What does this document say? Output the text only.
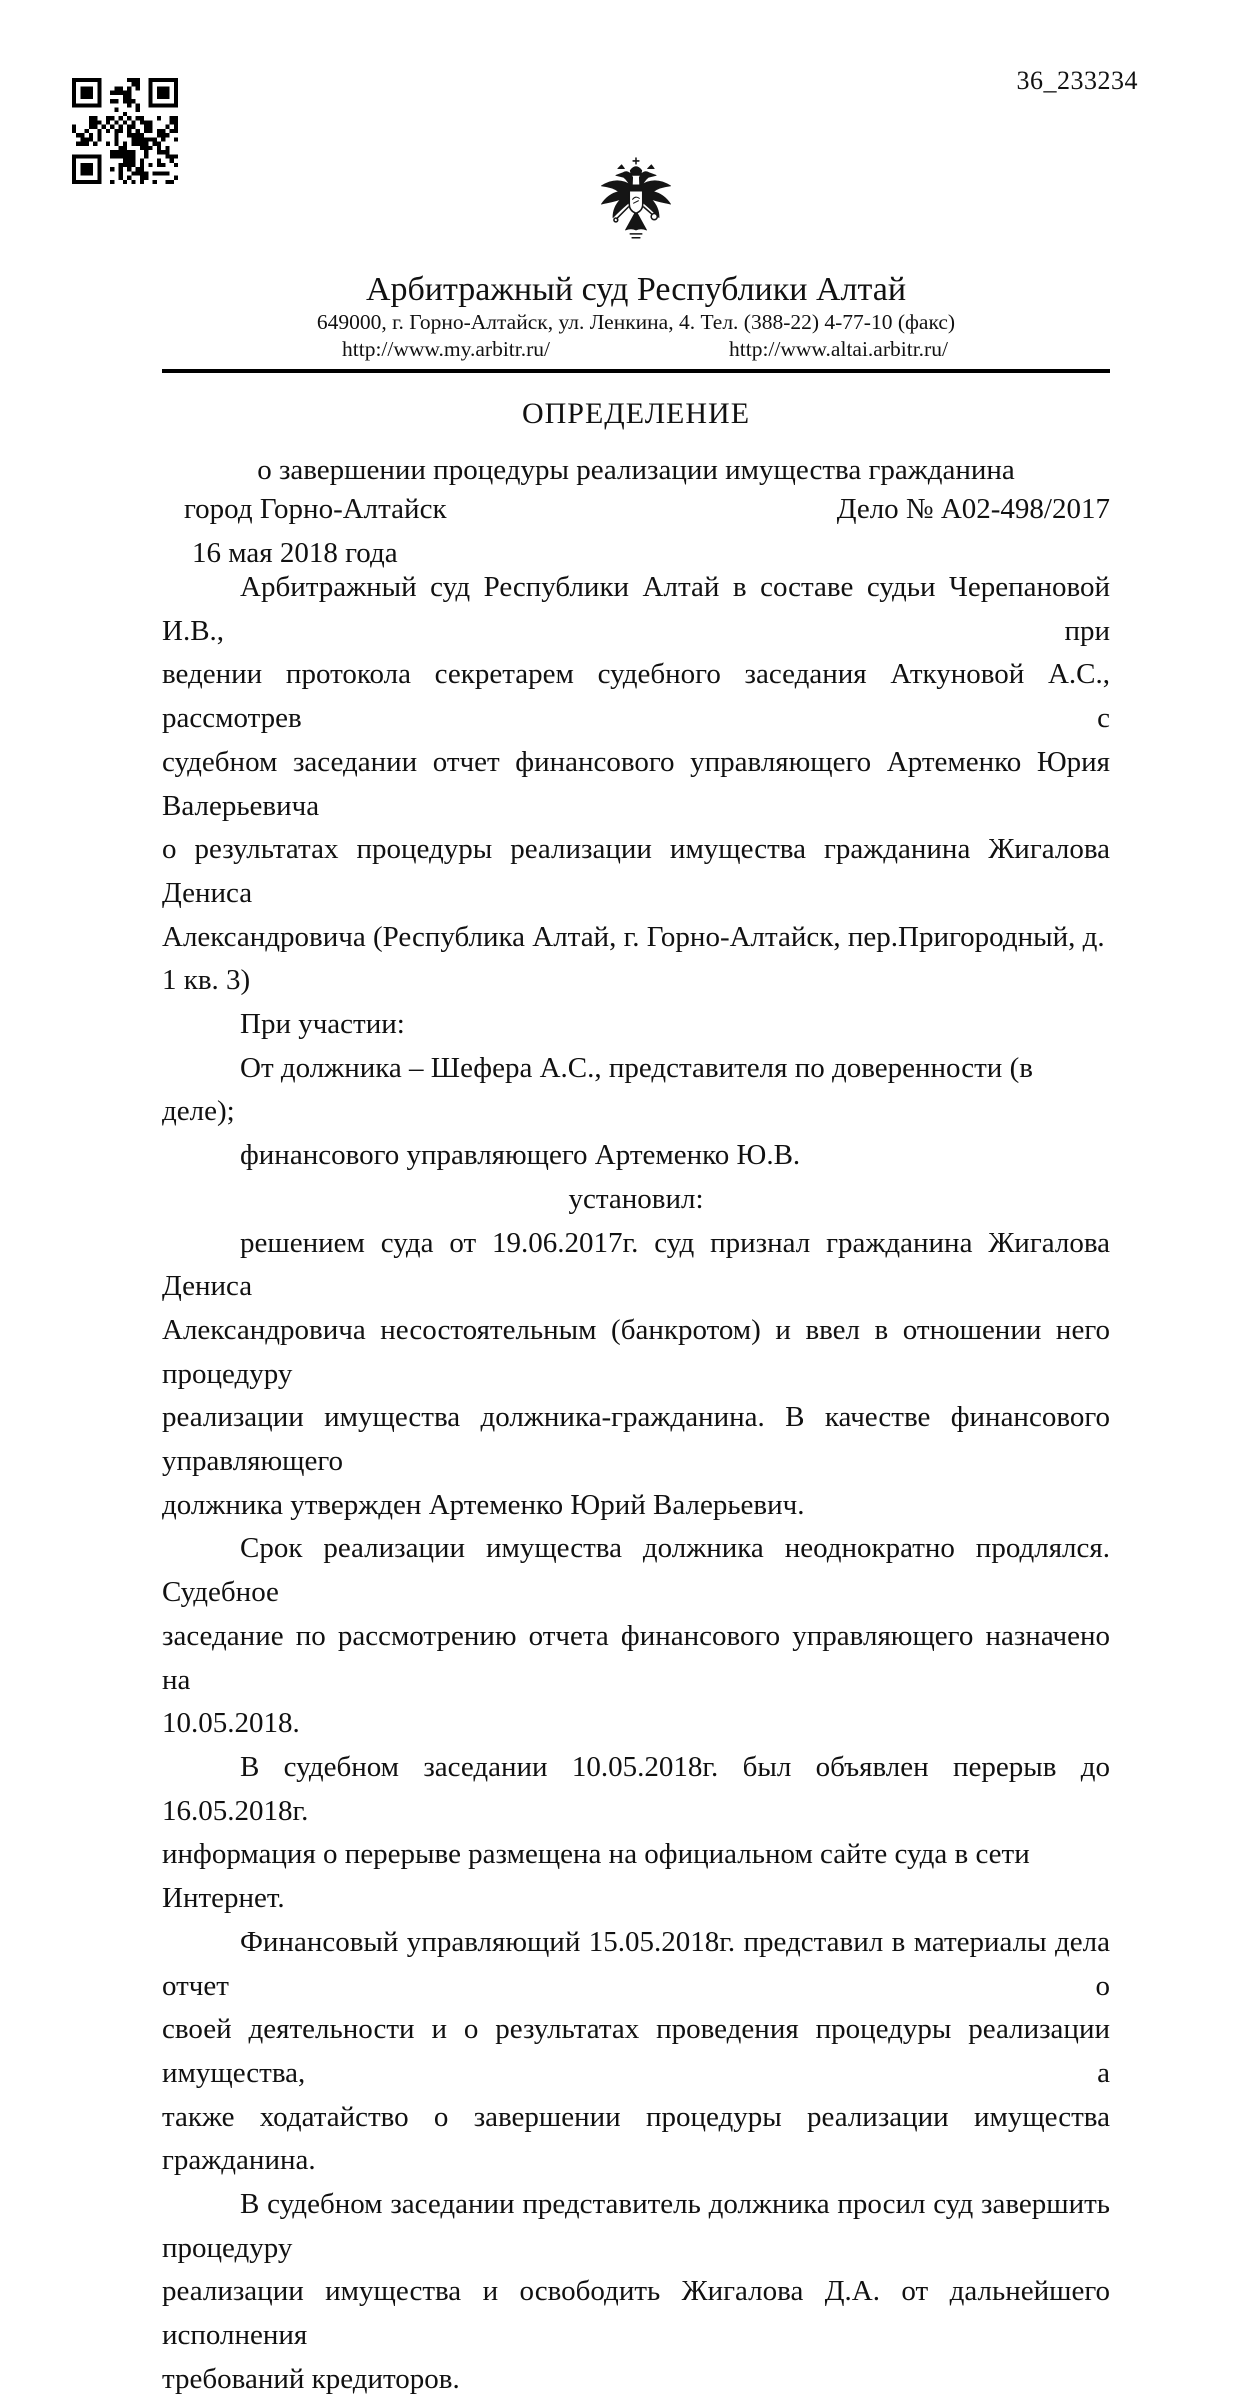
36_233234
Арбитражный суд Республики Алтай
649000, г. Горно-Алтайск, ул. Ленкина, 4. Тел. (388-22) 4-77-10 (факс)
http://www.my.arbitr.ru/	http://www.altai.arbitr.ru/
ОПРЕДЕЛЕНИЕ
о завершении процедуры реализации имущества гражданина
город Горно-Алтайск	Дело № А02-498/2017
16 мая 2018 года
Арбитражный суд Республики Алтай в составе судьи Черепановой И.В., при
ведении протокола секретарем судебного заседания Аткуновой А.С., рассмотрев с
судебном заседании отчет финансового управляющего Артеменко Юрия Валерьевича
о результатах процедуры реализации имущества гражданина Жигалова Дениса
Александровича (Республика Алтай, г. Горно-Алтайск, пер.Пригородный, д. 1 кв. 3)
При участии:
От должника – Шефера А.С., представителя по доверенности (в деле);
финансового управляющего Артеменко Ю.В.
установил:
решением суда от 19.06.2017г. суд признал гражданина Жигалова Дениса
Александровича несостоятельным (банкротом) и ввел в отношении него процедуру
реализации имущества должника-гражданина. В качестве финансового управляющего
должника утвержден Артеменко Юрий Валерьевич.
Срок реализации имущества должника неоднократно продлялся. Судебное
заседание по рассмотрению отчета финансового управляющего назначено на
10.05.2018.
В судебном заседании 10.05.2018г. был объявлен перерыв до 16.05.2018г.
информация о перерыве размещена на официальном сайте суда в сети Интернет.
Финансовый управляющий 15.05.2018г. представил в материалы дела отчет о
своей деятельности и о результатах проведения процедуры реализации имущества, а
также ходатайство о завершении процедуры реализации имущества гражданина.
В судебном заседании представитель должника просил суд завершить процедуру
реализации имущества и освободить Жигалова Д.А. от дальнейшего исполнения
требований кредиторов.
